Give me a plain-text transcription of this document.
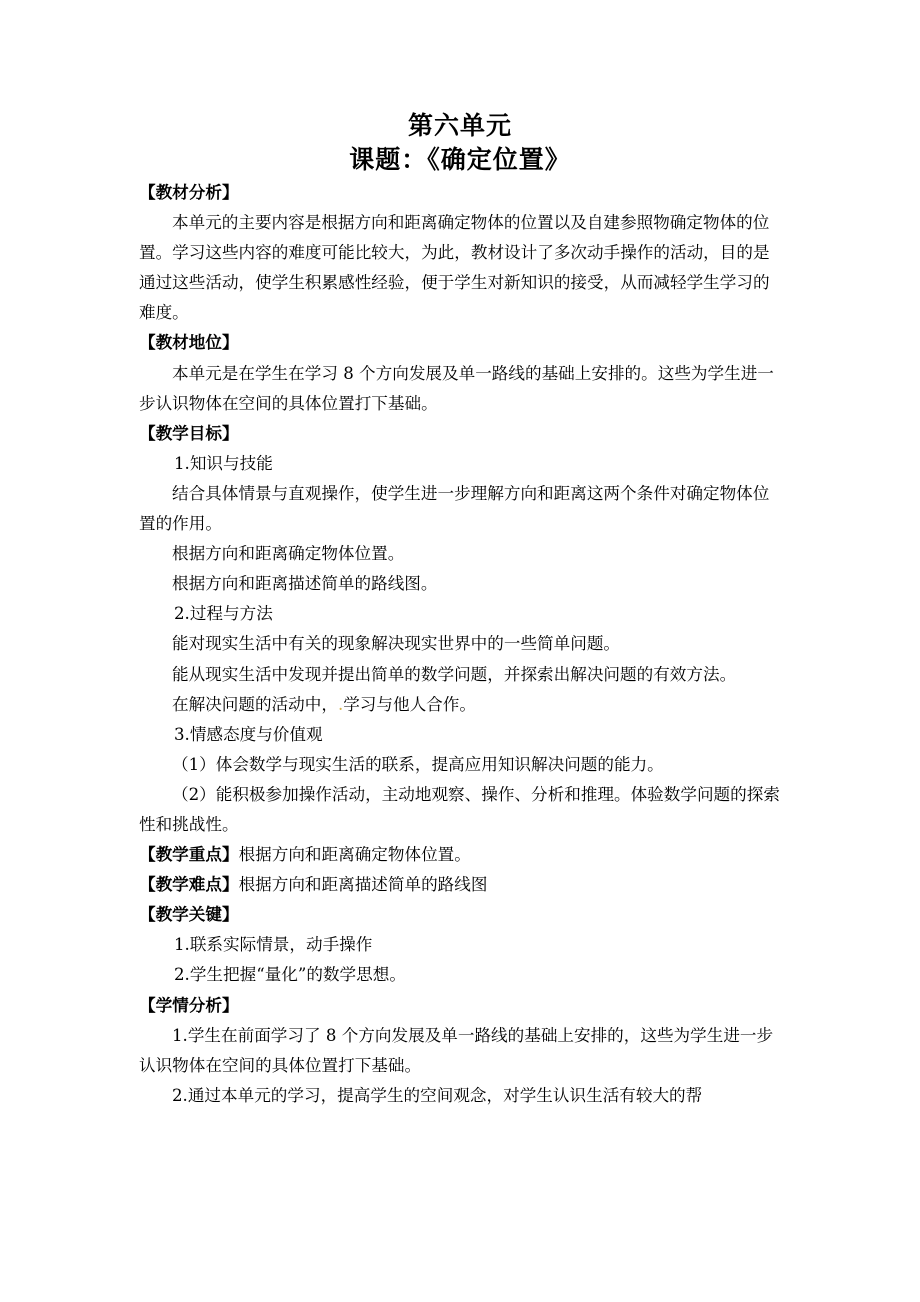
第六单元
课题：《确定位置》

【教材分析】

本单元的主要内容是根据方向和距离确定物体的位置以及自建参照物确定物体的位置。学习这些内容的难度可能比较大，为此，教材设计了多次动手操作的活动，目的是通过这些活动，使学生积累感性经验，便于学生对新知识的接受，从而减轻学生学习的难度。

【教材地位】

本单元是在学生在学习 8 个方向发展及单一路线的基础上安排的。这些为学生进一步认识物体在空间的具体位置打下基础。

【教学目标】

1.知识与技能

结合具体情景与直观操作，使学生进一步理解方向和距离这两个条件对确定物体位置的作用。

根据方向和距离确定物体位置。

根据方向和距离描述简单的路线图。

2.过程与方法

能对现实生活中有关的现象解决现实世界中的一些简单问题。

能从现实生活中发现并提出简单的数学问题，并探索出解决问题的有效方法。

在解决问题的活动中，.学习与他人合作。

3.情感态度与价值观

（1）体会数学与现实生活的联系，提高应用知识解决问题的能力。

（2）能积极参加操作活动，主动地观察、操作、分析和推理。体验数学问题的探索性和挑战性。

【教学重点】根据方向和距离确定物体位置。

【教学难点】根据方向和距离描述简单的路线图

【教学关键】

1.联系实际情景，动手操作

2.学生把握“量化”的数学思想。

【学情分析】

1.学生在前面学习了 8 个方向发展及单一路线的基础上安排的，这些为学生进一步认识物体在空间的具体位置打下基础。

2.通过本单元的学习，提高学生的空间观念，对学生认识生活有较大的帮
